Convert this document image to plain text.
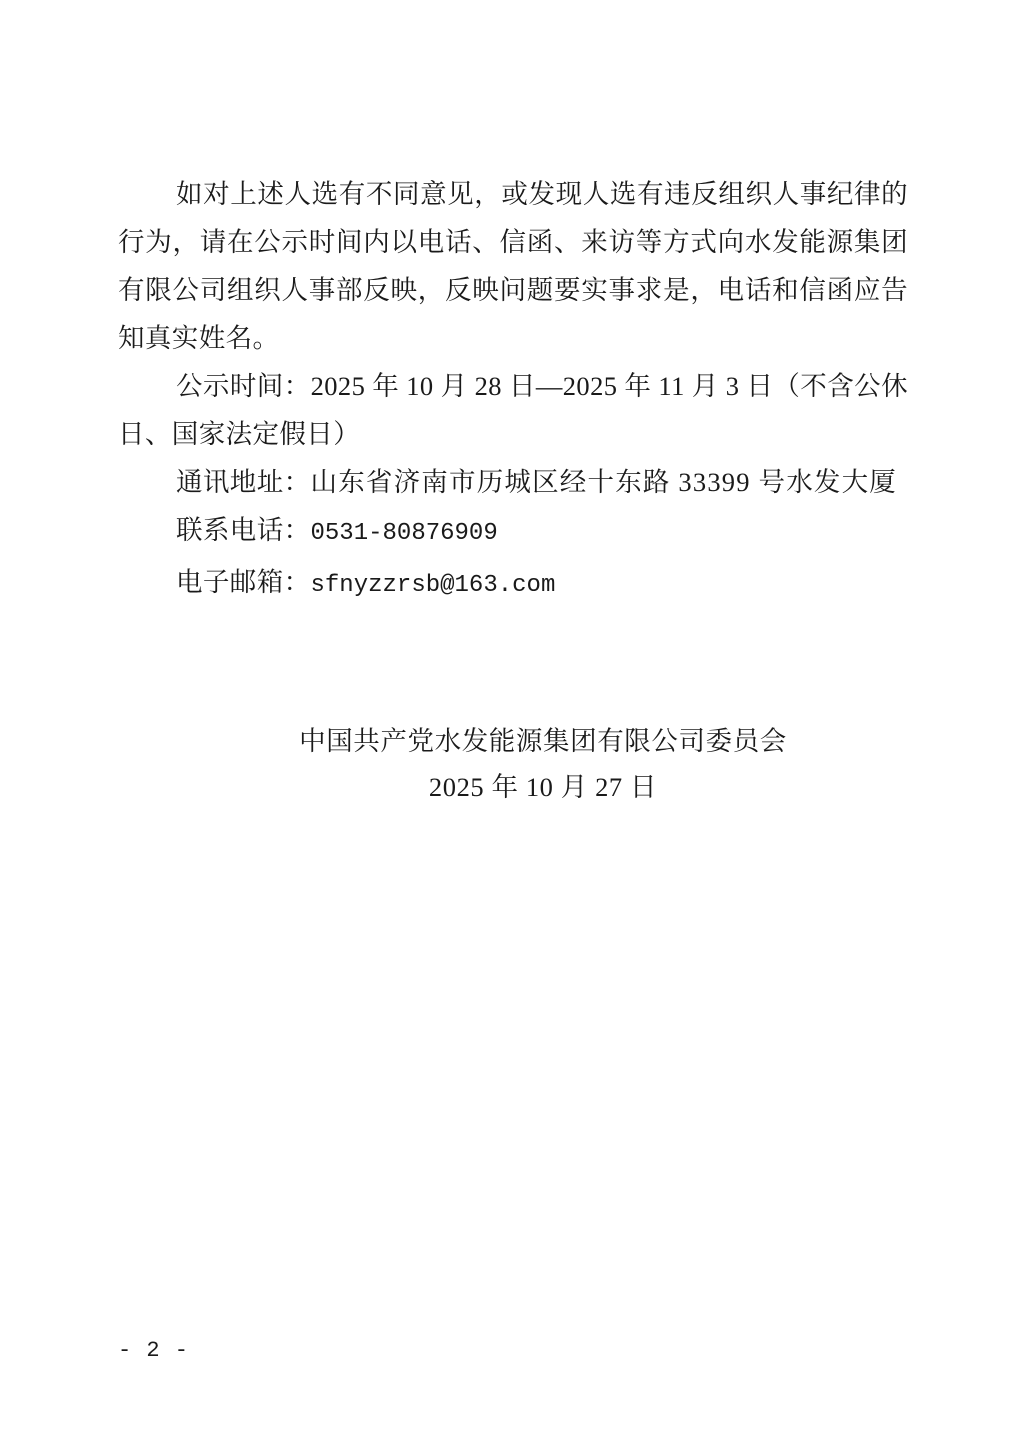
如对上述人选有不同意见，或发现人选有违反组织人事纪律的行为，请在公示时间内以电话、信函、来访等方式向水发能源集团有限公司组织人事部反映，反映问题要实事求是，电话和信函应告知真实姓名。

公示时间：2025 年 10 月 28 日—2025 年 11 月 3 日（不含公休日、国家法定假日）

通讯地址：山东省济南市历城区经十东路 33399 号水发大厦
联系电话：0531-80876909
电子邮箱：sfnyzzrsb@163.com
中国共产党水发能源集团有限公司委员会
2025 年 10 月 27 日
- 2 -
